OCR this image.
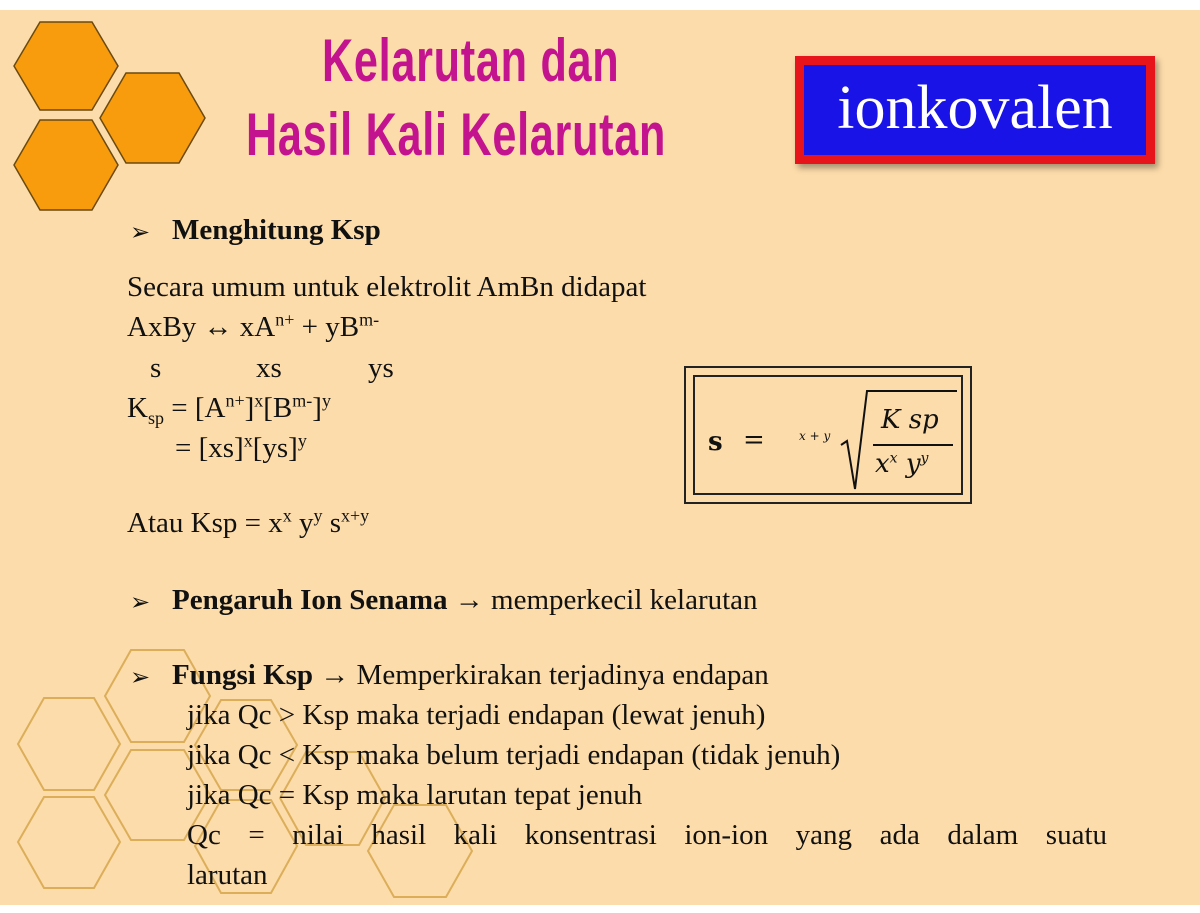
Kelarutan dan
Hasil Kali Kelarutan	ionkovalen
➢ Menghitung Ksp
Secara umum untuk elektrolit AmBn didapat
AxBy ↔ $xA^{n+} + yB^{m-}$
s	xs	ys
$K_{sp} = [A^{n+}]^x[B^{m-}]^y$
= [xs]$^x$[ys]$^y$
Atau Ksp = $x^x$ $y^y$ $s^{x+y}$
s =	x + y
K sp
$x^x$ $y^y$
➢ Pengaruh Ion Senama → memperkecil kelarutan
➢ Fungsi Ksp → Memperkirakan terjadinya endapan
jika Qc > Ksp maka terjadi endapan (lewat jenuh)
jika Qc < Ksp maka belum terjadi endapan (tidak jenuh)
jika Qc = Ksp maka larutan tepat jenuh
Qc = nilai hasil kali konsentrasi ion-ion yang ada dalam suatu
larutan
